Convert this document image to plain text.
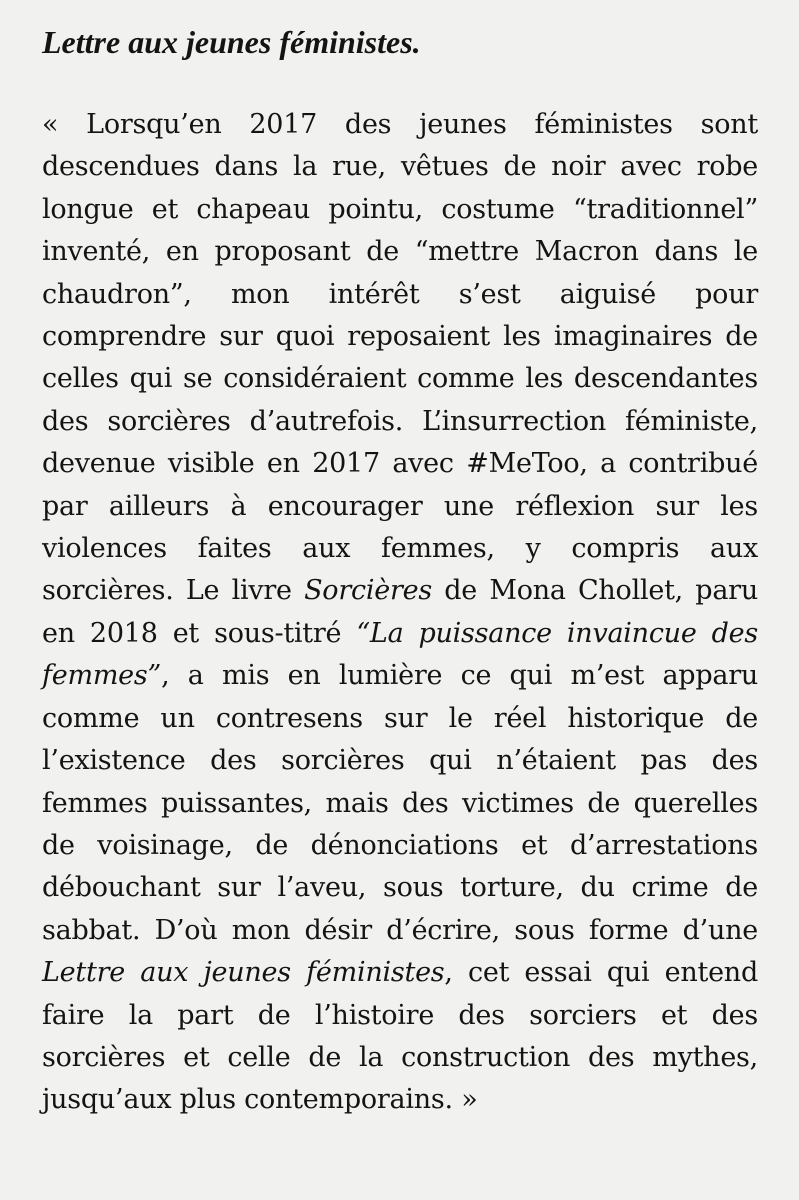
Lettre aux jeunes féministes.

« Lorsqu’en 2017 des jeunes féministes sont descendues dans la rue, vêtues de noir avec robe longue et chapeau pointu, costume “traditionnel” inventé, en proposant de “mettre Macron dans le chaudron”, mon intérêt s’est aiguisé pour comprendre sur quoi reposaient les imaginaires de celles qui se considéraient comme les descendantes des sorcières d’autrefois. L’insurrection féministe, devenue visible en 2017 avec #MeToo, a contribué par ailleurs à encourager une réflexion sur les violences faites aux femmes, y compris aux sorcières. Le livre Sorcières de Mona Chollet, paru en 2018 et sous-titré “La puissance invaincue des femmes”, a mis en lumière ce qui m’est apparu comme un contresens sur le réel historique de l’existence des sorcières qui n’étaient pas des femmes puissantes, mais des victimes de querelles de voisinage, de dénonciations et d’arrestations débouchant sur l’aveu, sous torture, du crime de sabbat. D’où mon désir d’écrire, sous forme d’une Lettre aux jeunes féministes, cet essai qui entend faire la part de l’histoire des sorciers et des sorcières et celle de la construction des mythes, jusqu’aux plus contemporains. »
